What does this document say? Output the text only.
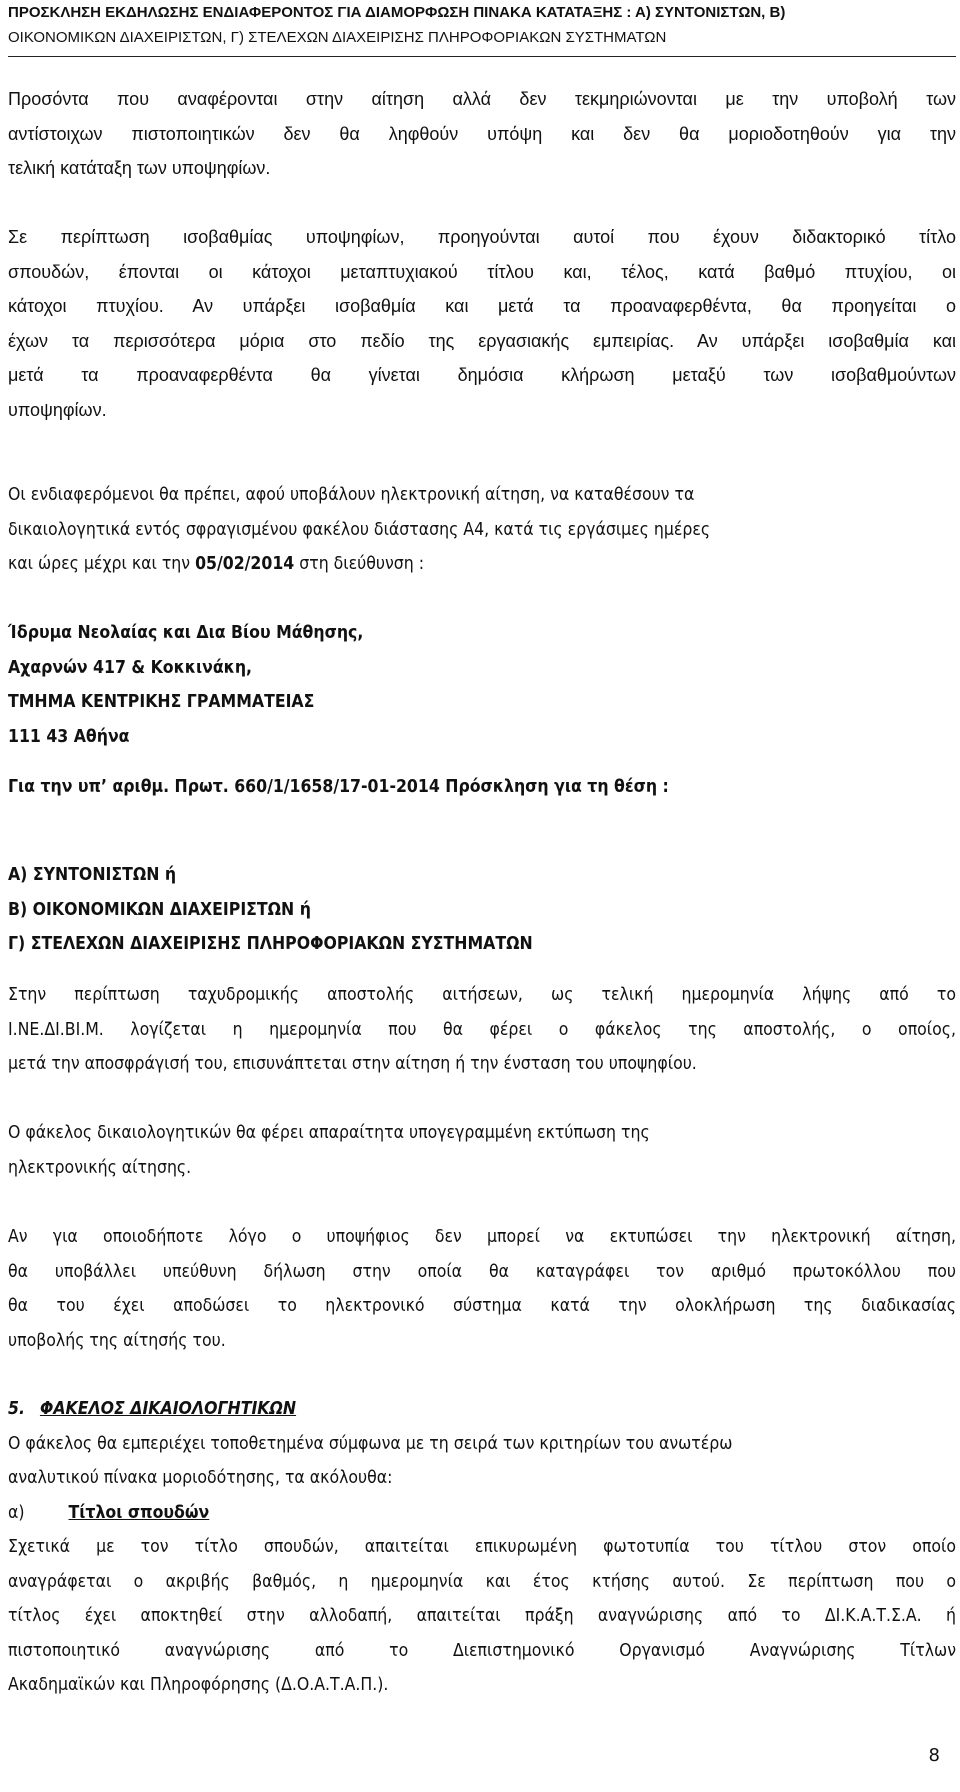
ΠΡΟΣΚΛΗΣΗ ΕΚΔΗΛΩΣΗΣ ΕΝΔΙΑΦΕΡΟΝΤΟΣ ΓΙΑ ΔΙΑΜΟΡΦΩΣΗ ΠΙΝΑΚΑ ΚΑΤΑΤΑΞΗΣ : Α) ΣΥΝΤΟΝΙΣΤΩΝ, Β)
ΟΙΚΟΝΟΜΙΚΩΝ ΔΙΑΧΕΙΡΙΣΤΩΝ, Γ) ΣΤΕΛΕΧΩΝ ΔΙΑΧΕΙΡΙΣΗΣ ΠΛΗΡΟΦΟΡΙΑΚΩΝ ΣΥΣΤΗΜΑΤΩΝ
Προσόντα που αναφέρονται στην αίτηση αλλά δεν τεκμηριώνονται με την υποβολή των
αντίστοιχων πιστοποιητικών δεν θα ληφθούν υπόψη και δεν θα μοριοδοτηθούν για την
τελική κατάταξη των υποψηφίων.
Σε περίπτωση ισοβαθμίας υποψηφίων, προηγούνται αυτοί που έχουν διδακτορικό τίτλο
σπουδών, έπονται οι κάτοχοι μεταπτυχιακού τίτλου και, τέλος, κατά βαθμό πτυχίου, οι
κάτοχοι πτυχίου. Αν υπάρξει ισοβαθμία και μετά τα προαναφερθέντα, θα προηγείται ο
έχων τα περισσότερα μόρια στο πεδίο της εργασιακής εμπειρίας. Αν υπάρξει ισοβαθμία και
μετά τα προαναφερθέντα θα γίνεται δημόσια κλήρωση μεταξύ των ισοβαθμούντων
υποψηφίων.
Οι ενδιαφερόμενοι θα πρέπει, αφού υποβάλουν ηλεκτρονική αίτηση, να καταθέσουν τα
δικαιολογητικά εντός σφραγισμένου φακέλου διάστασης Α4, κατά τις εργάσιμες ημέρες
και ώρες μέχρι και την 05/02/2014 στη διεύθυνση :
Ίδρυμα Νεολαίας και Δια Βίου Μάθησης,
Αχαρνών 417 & Κοκκινάκη,
ΤΜΗΜΑ ΚΕΝΤΡΙΚΗΣ ΓΡΑΜΜΑΤΕΙΑΣ
111 43 Αθήνα
Για την υπ’ αριθμ. Πρωτ. 660/1/1658/17-01-2014 Πρόσκληση για τη θέση :
Α) ΣΥΝΤΟΝΙΣΤΩΝ ή
Β) ΟΙΚΟΝΟΜΙΚΩΝ ΔΙΑΧΕΙΡΙΣΤΩΝ ή
Γ) ΣΤΕΛΕΧΩΝ ΔΙΑΧΕΙΡΙΣΗΣ ΠΛΗΡΟΦΟΡΙΑΚΩΝ ΣΥΣΤΗΜΑΤΩΝ
Στην περίπτωση ταχυδρομικής αποστολής αιτήσεων, ως τελική ημερομηνία λήψης από το
Ι.ΝΕ.ΔΙ.ΒΙ.Μ. λογίζεται η ημερομηνία που θα φέρει ο φάκελος της αποστολής, ο οποίος,
μετά την αποσφράγισή του, επισυνάπτεται στην αίτηση ή την ένσταση του υποψηφίου.
Ο φάκελος δικαιολογητικών θα φέρει απαραίτητα υπογεγραμμένη εκτύπωση της
ηλεκτρονικής αίτησης.
Αν για οποιοδήποτε λόγο ο υποψήφιος δεν μπορεί να εκτυπώσει την ηλεκτρονική αίτηση,
θα υποβάλλει υπεύθυνη δήλωση στην οποία θα καταγράφει τον αριθμό πρωτοκόλλου που
θα του έχει αποδώσει το ηλεκτρονικό σύστημα κατά την ολοκλήρωση της διαδικασίας
υποβολής της αίτησής του.
5. ΦΑΚΕΛΟΣ ΔΙΚΑΙΟΛΟΓΗΤΙΚΩΝ
Ο φάκελος θα εμπεριέχει τοποθετημένα σύμφωνα με τη σειρά των κριτηρίων του ανωτέρω
αναλυτικού πίνακα μοριοδότησης, τα ακόλουθα:
α)	Τίτλοι σπουδών
Σχετικά με τον τίτλο σπουδών, απαιτείται επικυρωμένη φωτοτυπία του τίτλου στον οποίο
αναγράφεται ο ακριβής βαθμός, η ημερομηνία και έτος κτήσης αυτού. Σε περίπτωση που ο
τίτλος έχει αποκτηθεί στην αλλοδαπή, απαιτείται πράξη αναγνώρισης από το ΔΙ.Κ.Α.Τ.Σ.Α. ή
πιστοποιητικό αναγνώρισης από το Διεπιστημονικό Οργανισμό Αναγνώρισης Τίτλων
Ακαδημαϊκών και Πληροφόρησης (Δ.Ο.Α.Τ.Α.Π.).
8
